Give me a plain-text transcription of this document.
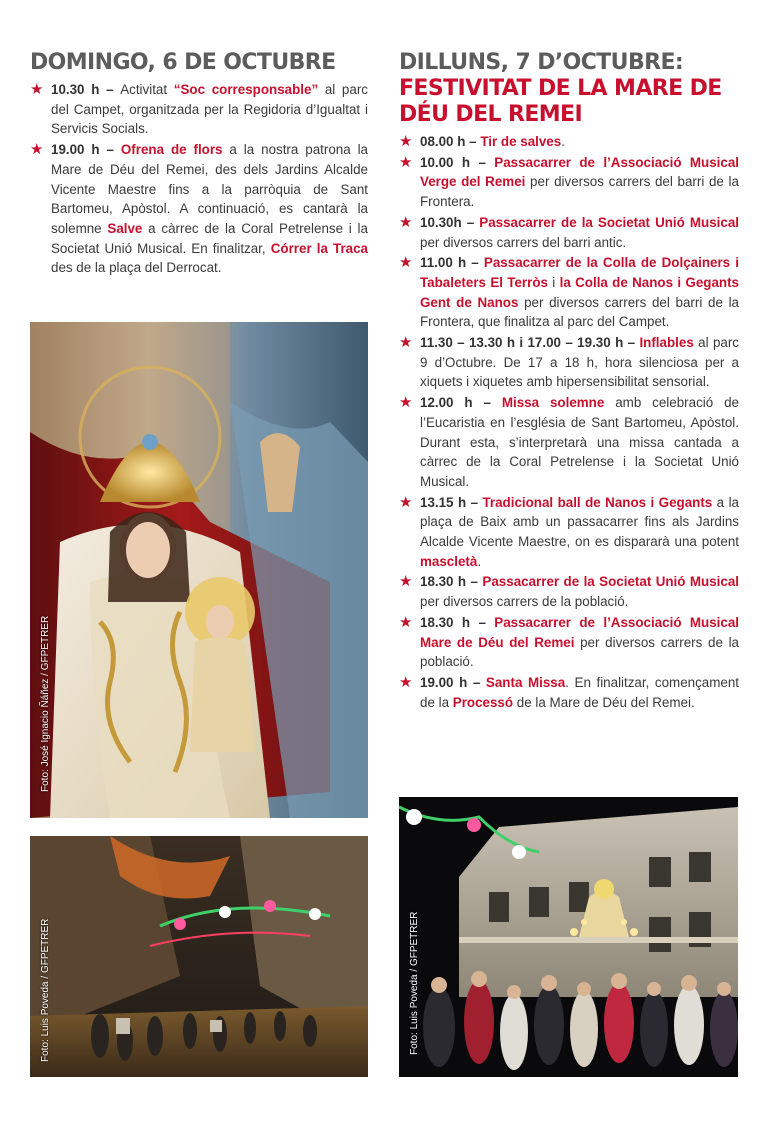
DOMINGO, 6 DE OCTUBRE
★ 10.30 h – Activitat “Soc corresponsable” al parc del Campet, organitzada per la Regidoria d’Igualtat i Servicis Socials.
★ 19.00 h – Ofrena de flors a la nostra patrona la Mare de Déu del Remei, des dels Jardins Alcalde Vicente Maestre fins a la parròquia de Sant Bartomeu, Apòstol. A continuació, es cantarà la solemne Salve a càrrec de la Coral Petrelense i la Societat Unió Musical. En finalitzar, Córrer la Traca des de la plaça del Derrocat.
DILLUNS, 7 D’OCTUBRE:
FESTIVITAT DE LA MARE DE DÉU DEL REMEI
★ 08.00 h – Tir de salves.
★ 10.00 h – Passacarrer de l’Associació Musical Verge del Remei per diversos carrers del barri de la Frontera.
★ 10.30h – Passacarrer de la Societat Unió Musical per diversos carrers del barri antic.
★ 11.00 h – Passacarrer de la Colla de Dolçainers i Tabaleters El Terròs i la Colla de Nanos i Gegants Gent de Nanos per diversos carrers del barri de la Frontera, que finalitza al parc del Campet.
★ 11.30 – 13.30 h i 17.00 – 19.30 h – Inflables al parc 9 d’Octubre. De 17 a 18 h, hora silenciosa per a xiquets i xiquetes amb hipersensibilitat sensorial.
★ 12.00 h – Missa solemne amb celebració de l’Eucaristia en l’església de Sant Bartomeu, Apòstol. Durant esta, s’interpretarà una missa cantada a càrrec de la Coral Petrelense i la Societat Unió Musical.
★ 13.15 h – Tradicional ball de Nanos i Gegants a la plaça de Baix amb un passacarrer fins als Jardins Alcalde Vicente Maestre, on es dispararà una potent mascletà.
★ 18.30 h – Passacarrer de la Societat Unió Musical per diversos carrers de la població.
★ 18.30 h – Passacarrer de l’Associació Musical Mare de Déu del Remei per diversos carrers de la població.
★ 19.00 h – Santa Missa. En finalitzar, començament de la Processó de la Mare de Déu del Remei.
Foto: José Ignacio Ñáñez / GFPETRER
Foto: Luis Poveda / GFPETRER	Foto: Luis Poveda / GFPETRER
